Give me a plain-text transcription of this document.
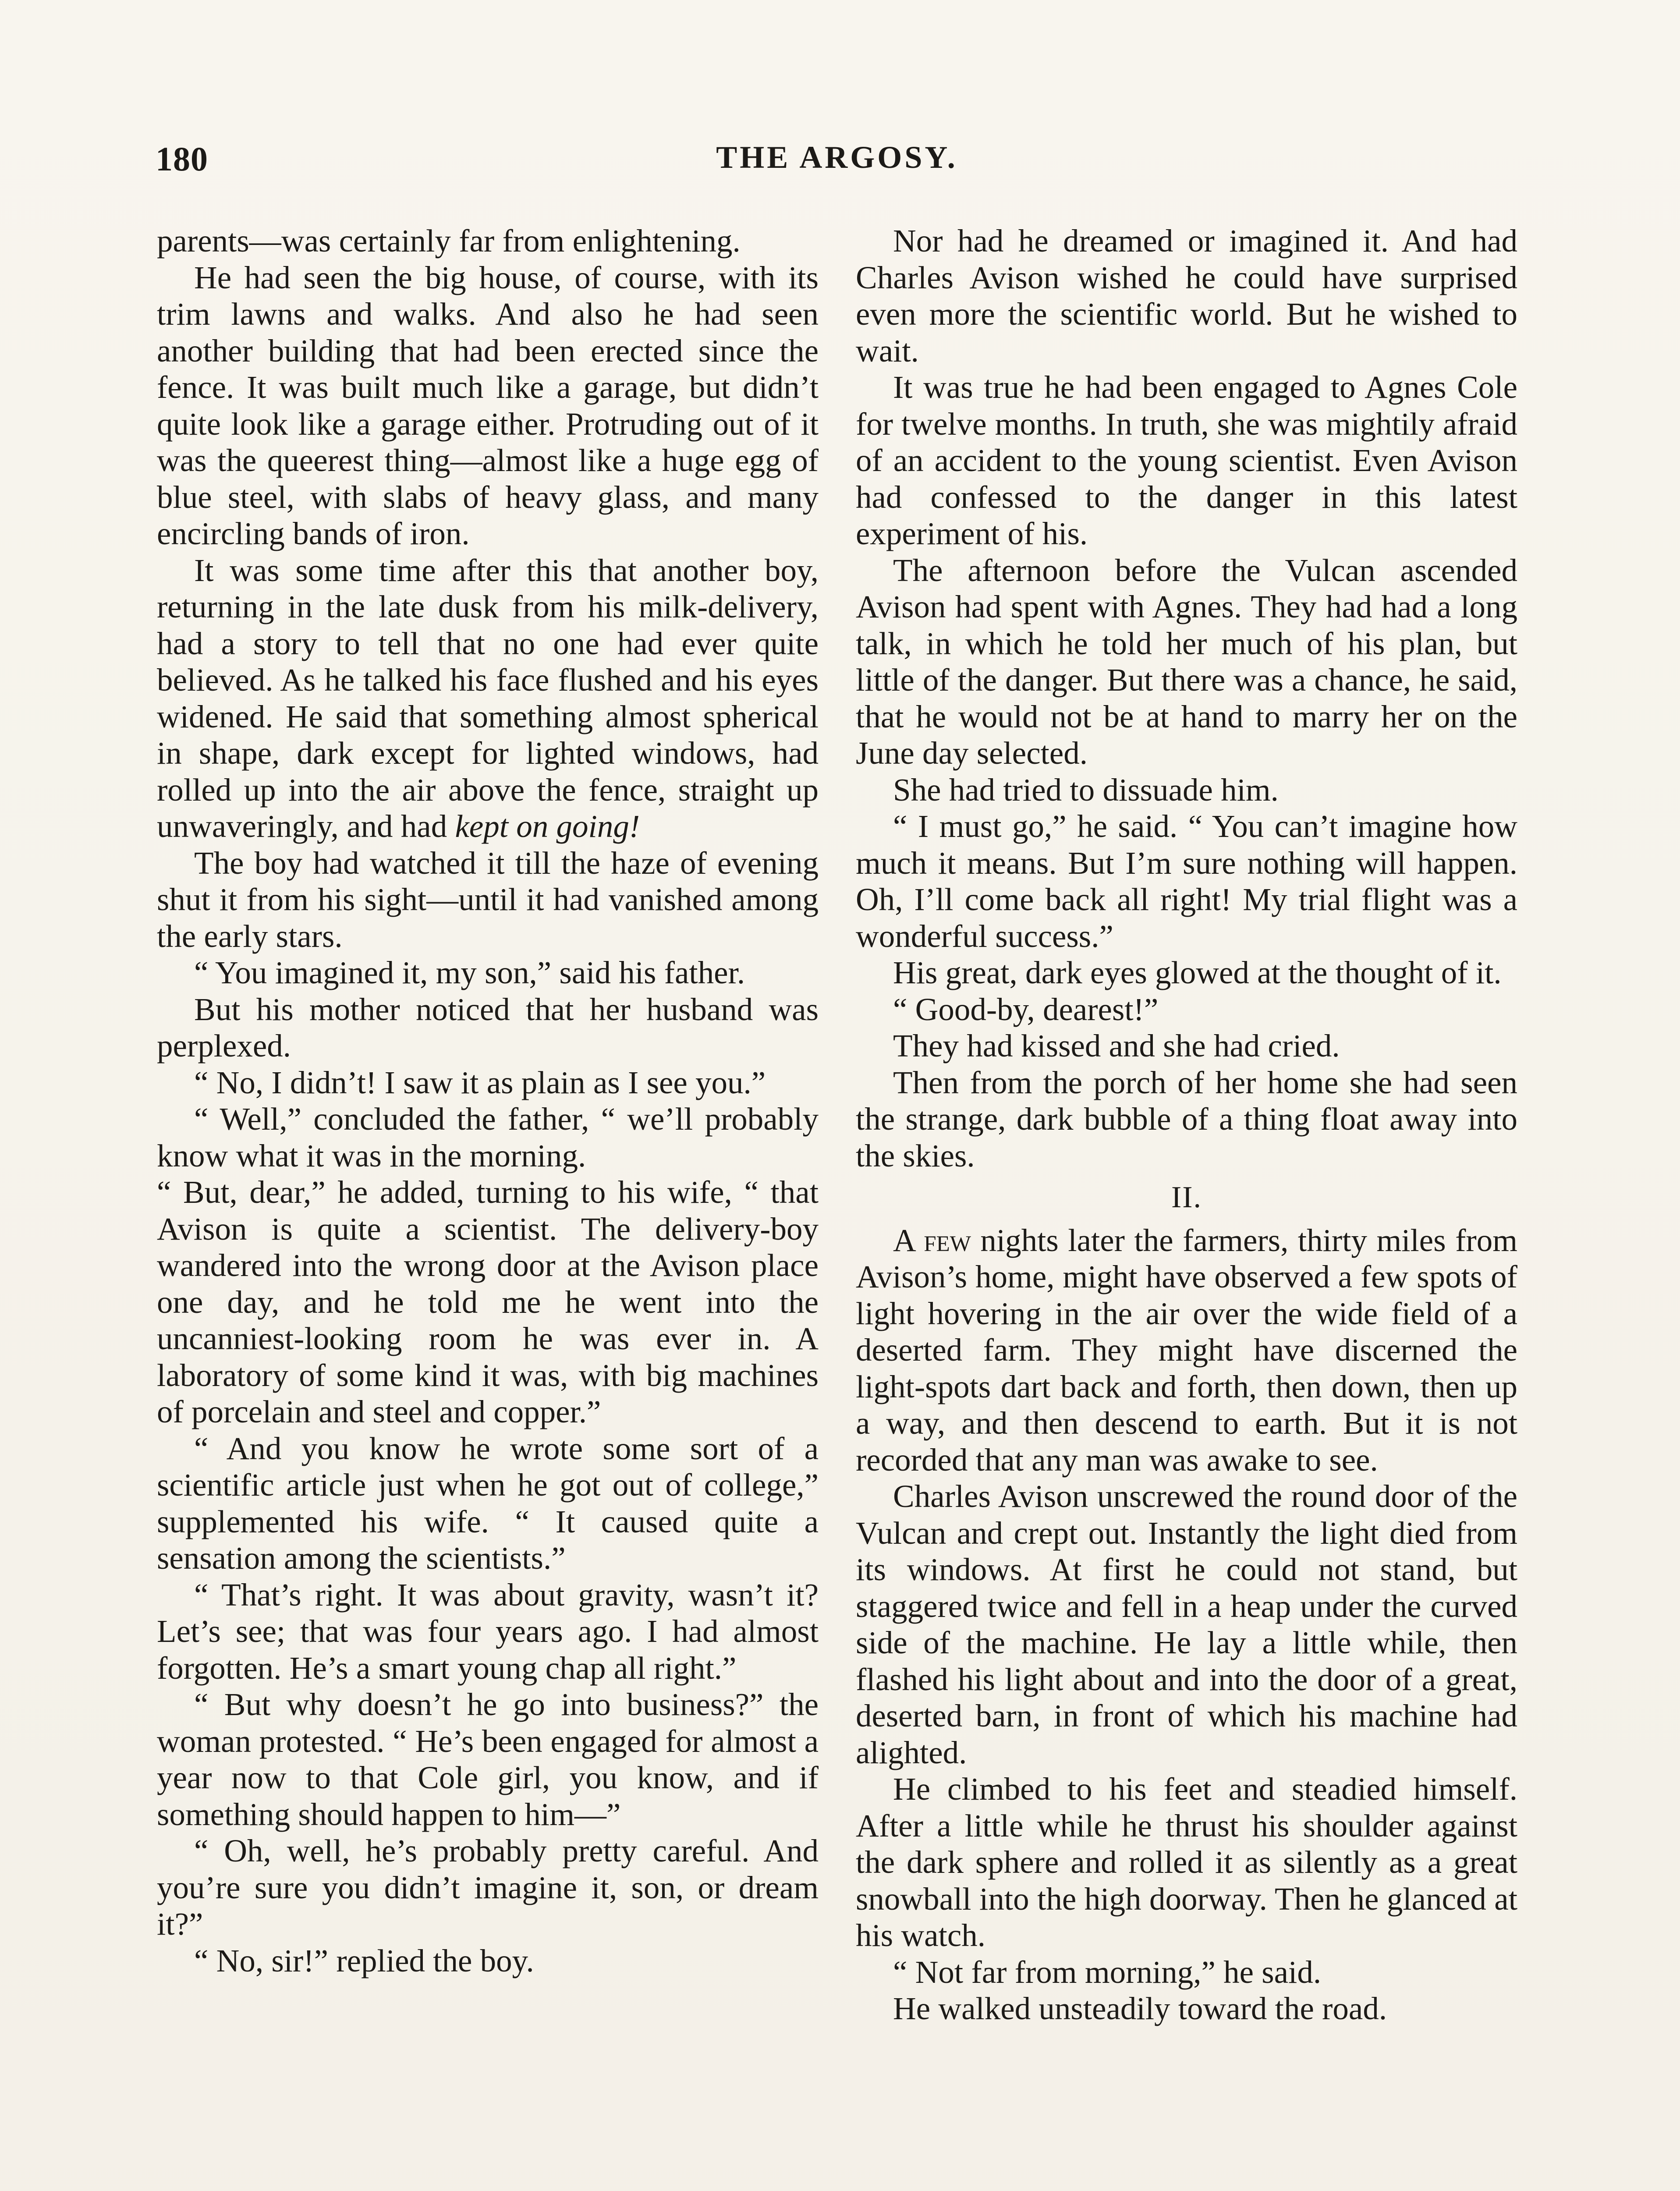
180	THE ARGOSY.

parents—was certainly far from enlightening.

He had seen the big house, of course, with its trim lawns and walks. And also he had seen another building that had been erected since the fence. It was built much like a garage, but didn’t quite look like a garage either. Protruding out of it was the queerest thing—almost like a huge egg of blue steel, with slabs of heavy glass, and many encircling bands of iron.

It was some time after this that another boy, returning in the late dusk from his milk-delivery, had a story to tell that no one had ever quite believed. As he talked his face flushed and his eyes widened. He said that something almost spherical in shape, dark except for lighted windows, had rolled up into the air above the fence, straight up unwaveringly, and had kept on going!

The boy had watched it till the haze of evening shut it from his sight—until it had vanished among the early stars.

“ You imagined it, my son,” said his father.

But his mother noticed that her husband was perplexed.

“ No, I didn’t! I saw it as plain as I see you.”

“ Well,” concluded the father, “ we’ll probably know what it was in the morning.

“ But, dear,” he added, turning to his wife, “ that Avison is quite a scientist. The delivery-boy wandered into the wrong door at the Avison place one day, and he told me he went into the uncanniest-looking room he was ever in. A laboratory of some kind it was, with big machines of porcelain and steel and copper.”

“ And you know he wrote some sort of a scientific article just when he got out of college,” supplemented his wife. “ It caused quite a sensation among the scientists.”

“ That’s right. It was about gravity, wasn’t it? Let’s see; that was four years ago. I had almost forgotten. He’s a smart young chap all right.”

“ But why doesn’t he go into business?” the woman protested. “ He’s been engaged for almost a year now to that Cole girl, you know, and if something should happen to him—”

“ Oh, well, he’s probably pretty careful. And you’re sure you didn’t imagine it, son, or dream it?”

“ No, sir!” replied the boy.

Nor had he dreamed or imagined it. And had Charles Avison wished he could have surprised even more the scientific world. But he wished to wait.

It was true he had been engaged to Agnes Cole for twelve months. In truth, she was mightily afraid of an accident to the young scientist. Even Avison had confessed to the danger in this latest experiment of his.

The afternoon before the Vulcan ascended Avison had spent with Agnes. They had had a long talk, in which he told her much of his plan, but little of the danger. But there was a chance, he said, that he would not be at hand to marry her on the June day selected.

She had tried to dissuade him.

“ I must go,” he said. “ You can’t imagine how much it means. But I’m sure nothing will happen. Oh, I’ll come back all right! My trial flight was a wonderful success.”

His great, dark eyes glowed at the thought of it.

“ Good-by, dearest!”

They had kissed and she had cried.

Then from the porch of her home she had seen the strange, dark bubble of a thing float away into the skies.

II.

A few nights later the farmers, thirty miles from Avison’s home, might have observed a few spots of light hovering in the air over the wide field of a deserted farm. They might have discerned the light-spots dart back and forth, then down, then up a way, and then descend to earth. But it is not recorded that any man was awake to see.

Charles Avison unscrewed the round door of the Vulcan and crept out. Instantly the light died from its windows. At first he could not stand, but staggered twice and fell in a heap under the curved side of the machine. He lay a little while, then flashed his light about and into the door of a great, deserted barn, in front of which his machine had alighted.

He climbed to his feet and steadied himself. After a little while he thrust his shoulder against the dark sphere and rolled it as silently as a great snowball into the high doorway. Then he glanced at his watch.

“ Not far from morning,” he said.

He walked unsteadily toward the road.
